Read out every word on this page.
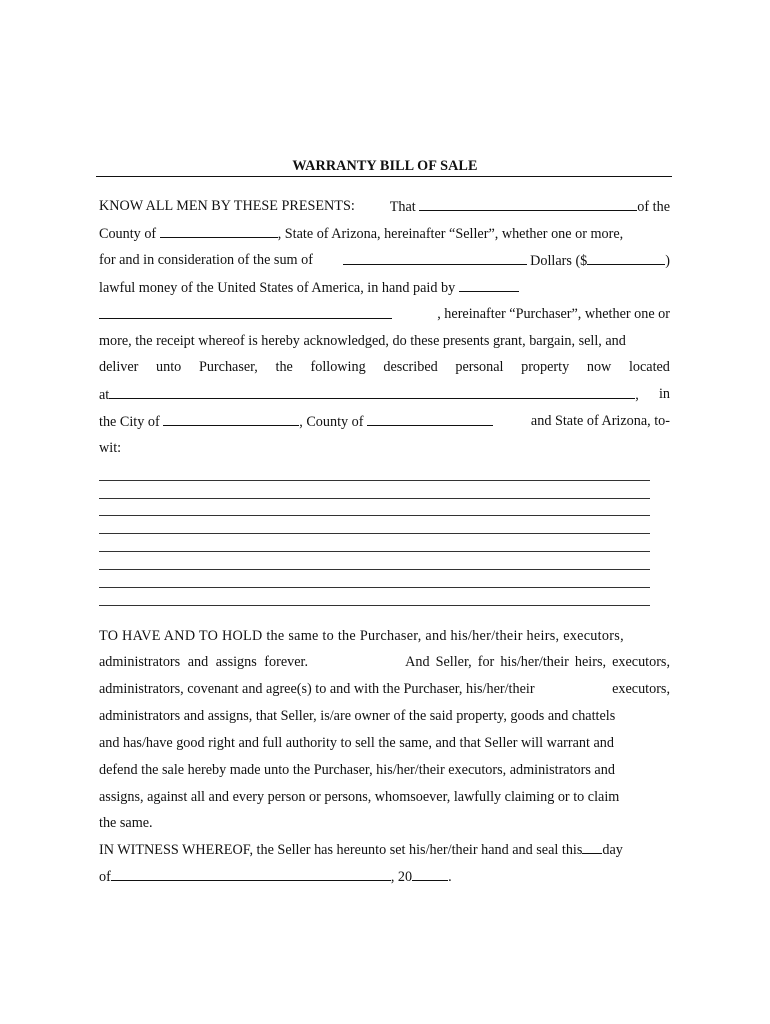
WARRANTY BILL OF SALE
KNOW ALL MEN BY THESE PRESENTS: That	of the
County of	, State of Arizona, hereinafter “Seller”, whether one or more,
for and in consideration of the sum of	Dollars ($	)
lawful money of the United States of America, in hand paid by
, hereinafter “Purchaser”, whether one or
more, the receipt whereof is hereby acknowledged, do these presents grant, bargain, sell, and
deliver unto Purchaser, the following described personal property now located
at	, in
the City of	, County of	and State of Arizona, to-
wit:
TO HAVE AND TO HOLD the same to the Purchaser, and his/her/their heirs, executors,
administrators and assigns forever.	And Seller, for his/her/their heirs, executors,
administrators, covenant and agree(s) to and with the Purchaser, his/her/their	executors,
administrators and assigns, that Seller, is/are owner of the said property, goods and chattels
and has/have good right and full authority to sell the same, and that Seller will warrant and
defend the sale hereby made unto the Purchaser, his/her/their executors, administrators and
assigns, against all and every person or persons, whomsoever, lawfully claiming or to claim
the same.
IN WITNESS WHEREOF, the Seller has hereunto set his/her/their hand and seal this day
of	, 20	.
